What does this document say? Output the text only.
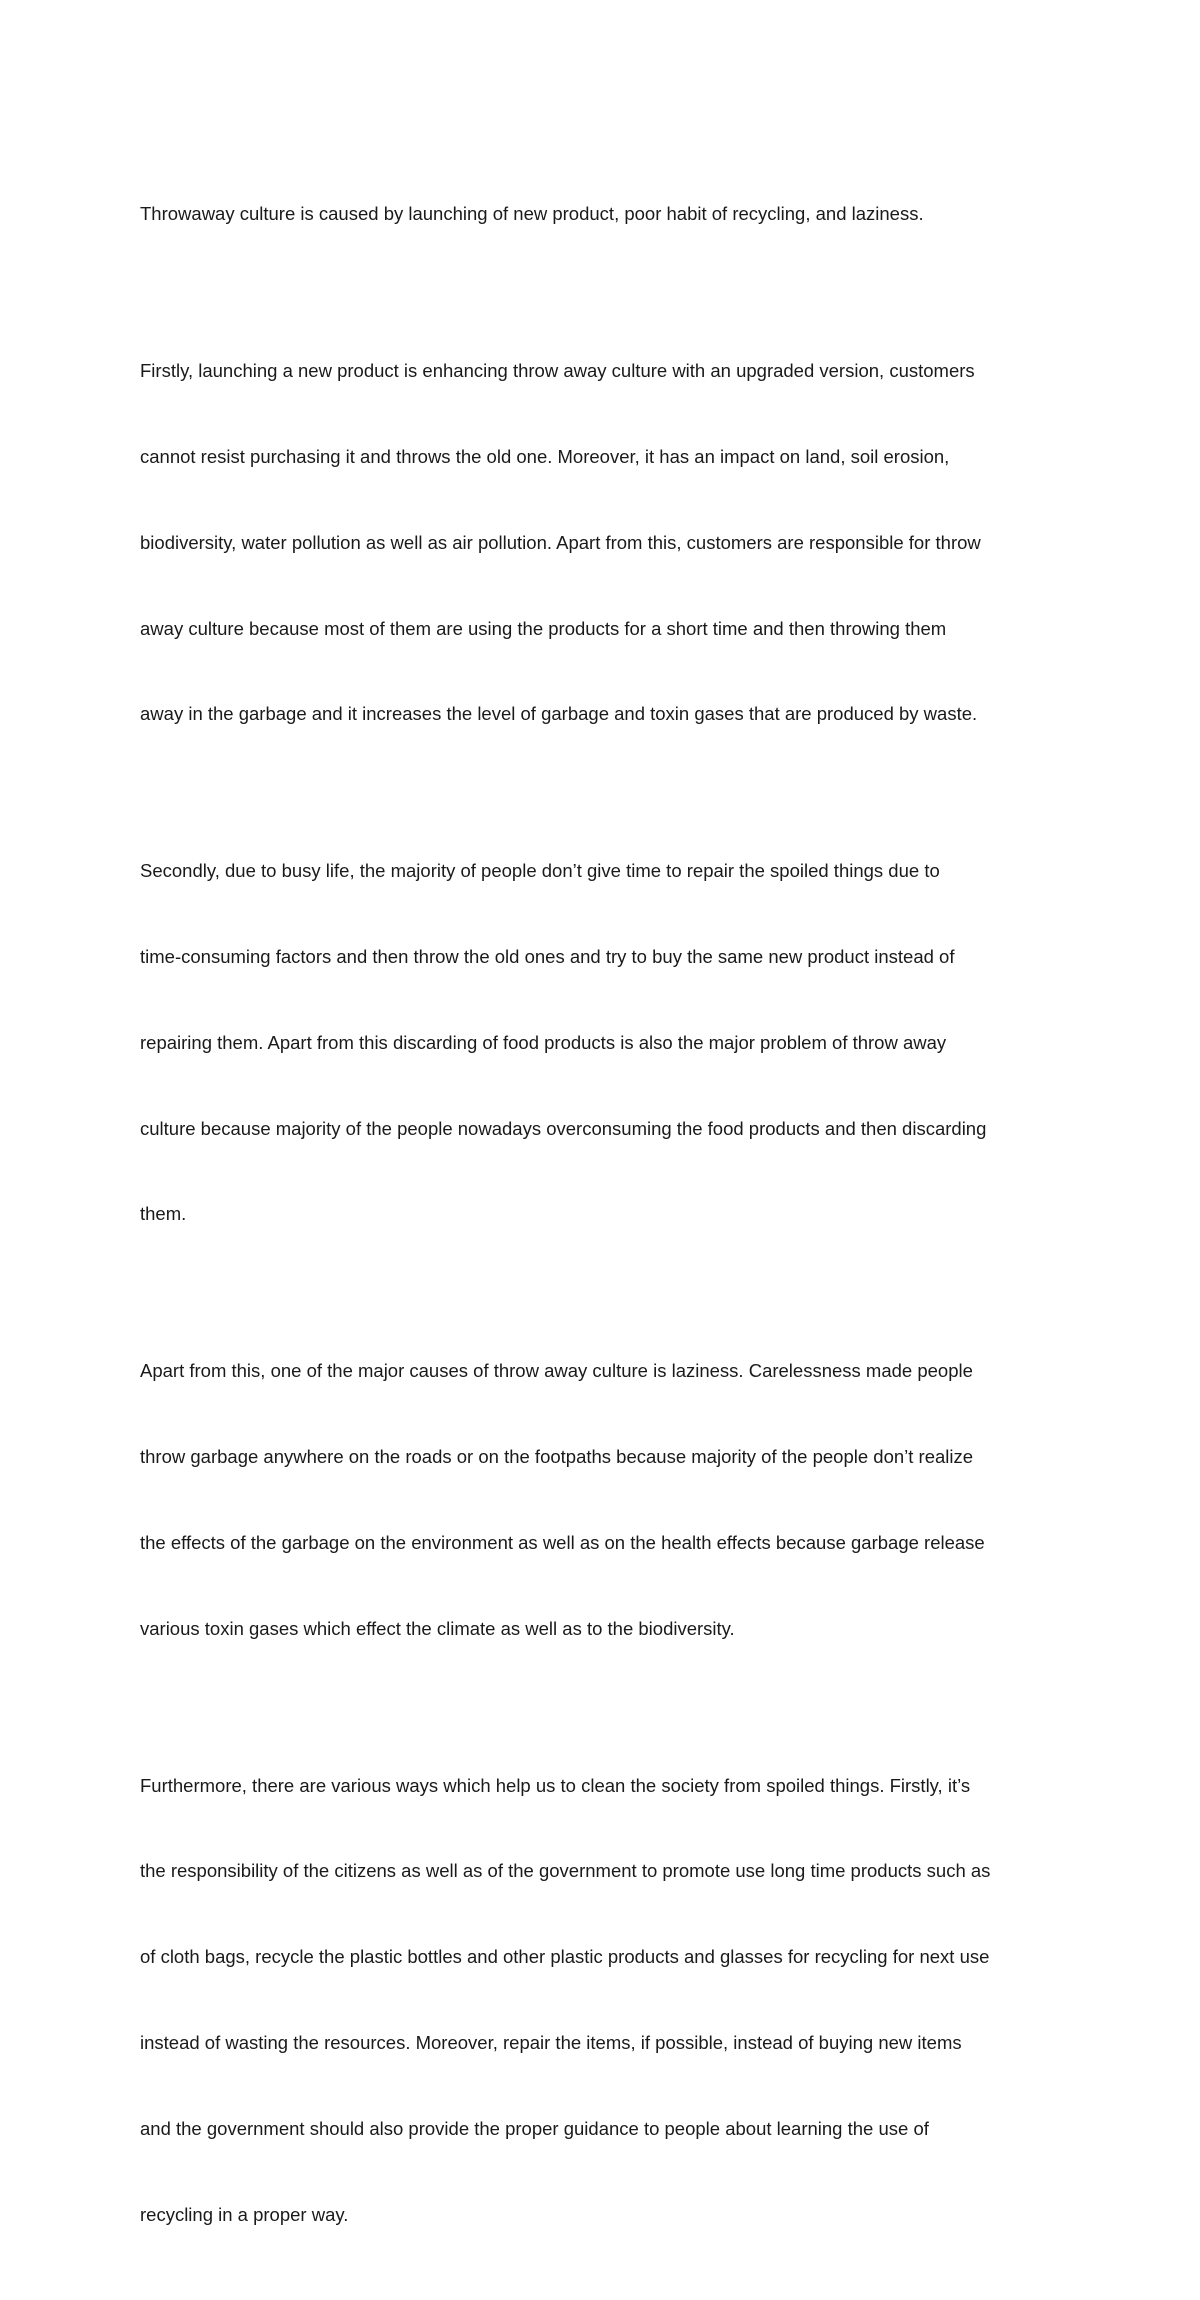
Throwaway culture is caused by launching of new product, poor habit of recycling, and laziness.

Firstly, launching a new product is enhancing throw away culture with an upgraded version, customers

cannot resist purchasing it and throws the old one. Moreover, it has an impact on land, soil erosion,

biodiversity, water pollution as well as air pollution. Apart from this, customers are responsible for throw

away culture because most of them are using the products for a short time and then throwing them

away in the garbage and it increases the level of garbage and toxin gases that are produced by waste.

Secondly, due to busy life, the majority of people don’t give time to repair the spoiled things due to

time-consuming factors and then throw the old ones and try to buy the same new product instead of

repairing them. Apart from this discarding of food products is also the major problem of throw away

culture because majority of the people nowadays overconsuming the food products and then discarding

them.

Apart from this, one of the major causes of throw away culture is laziness. Carelessness made people

throw garbage anywhere on the roads or on the footpaths because majority of the people don’t realize

the effects of the garbage on the environment as well as on the health effects because garbage release

various toxin gases which effect the climate as well as to the biodiversity.

Furthermore, there are various ways which help us to clean the society from spoiled things. Firstly, it’s

the responsibility of the citizens as well as of the government to promote use long time products such as

of cloth bags, recycle the plastic bottles and other plastic products and glasses for recycling for next use

instead of wasting the resources. Moreover, repair the items, if possible, instead of buying new items

and the government should also provide the proper guidance to people about learning the use of

recycling in a proper way.
